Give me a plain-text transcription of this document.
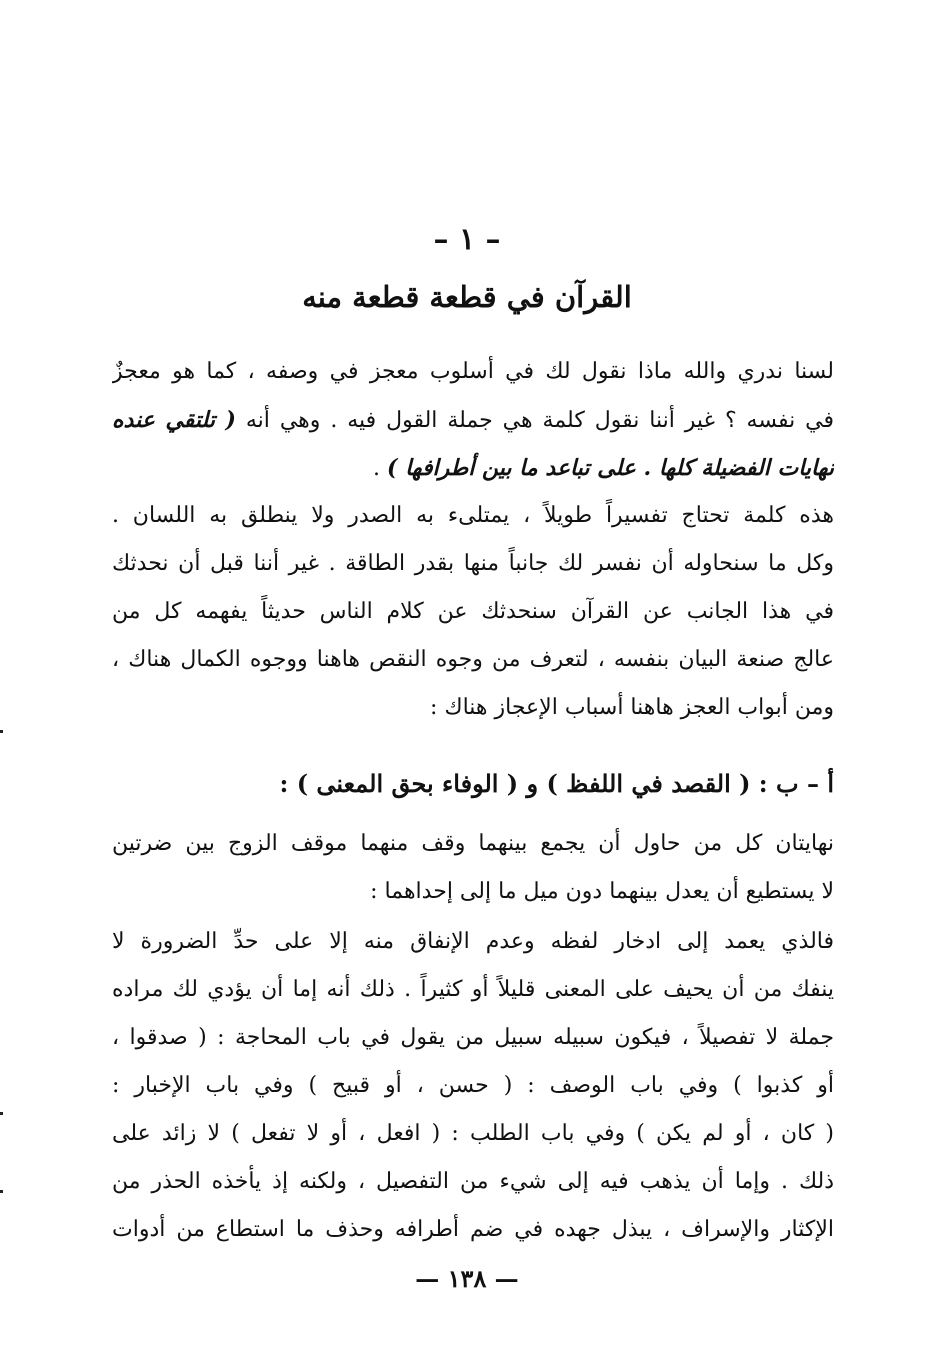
– ١ –
القرآن في قطعة قطعة منه
لسنا ندري والله ماذا نقول لك في أسلوب معجز في وصفه ، كما هو معجزٌ
في نفسه ؟ غير أننا نقول كلمة هي جملة القول فيه . وهي أنه ( تلتقي عنده
نهايات الفضيلة كلها . على تباعد ما بين أطرافها ) .
هذه كلمة تحتاج تفسيراً طويلاً ، يمتلىء به الصدر ولا ينطلق به اللسان .
وكل ما سنحاوله أن نفسر لك جانباً منها بقدر الطاقة . غير أننا قبل أن نحدثك
في هذا الجانب عن القرآن سنحدثك عن كلام الناس حديثاً يفهمه كل من
عالج صنعة البيان بنفسه ، لتعرف من وجوه النقص هاهنا ووجوه الكمال هناك ،
ومن أبواب العجز هاهنا أسباب الإعجاز هناك :
أ – ب : ( القصد في اللفظ ) و ( الوفاء بحق المعنى ) :
نهايتان كل من حاول أن يجمع بينهما وقف منهما موقف الزوج بين ضرتين
لا يستطيع أن يعدل بينهما دون ميل ما إلى إحداهما :
فالذي يعمد إلى ادخار لفظه وعدم الإنفاق منه إلا على حدِّ الضرورة لا
ينفك من أن يحيف على المعنى قليلاً أو كثيراً . ذلك أنه إما أن يؤدي لك مراده
جملة لا تفصيلاً ، فيكون سبيله سبيل من يقول في باب المحاجة : ( صدقوا ،
أو كذبوا ) وفي باب الوصف : ( حسن ، أو قبيح ) وفي باب الإخبار :
( كان ، أو لم يكن ) وفي باب الطلب : ( افعل ، أو لا تفعل ) لا زائد على
ذلك . وإما أن يذهب فيه إلى شيء من التفصيل ، ولكنه إذ يأخذه الحذر من
الإكثار والإسراف ، يبذل جهده في ضم أطرافه وحذف ما استطاع من أدوات
— ١٣٨ —
